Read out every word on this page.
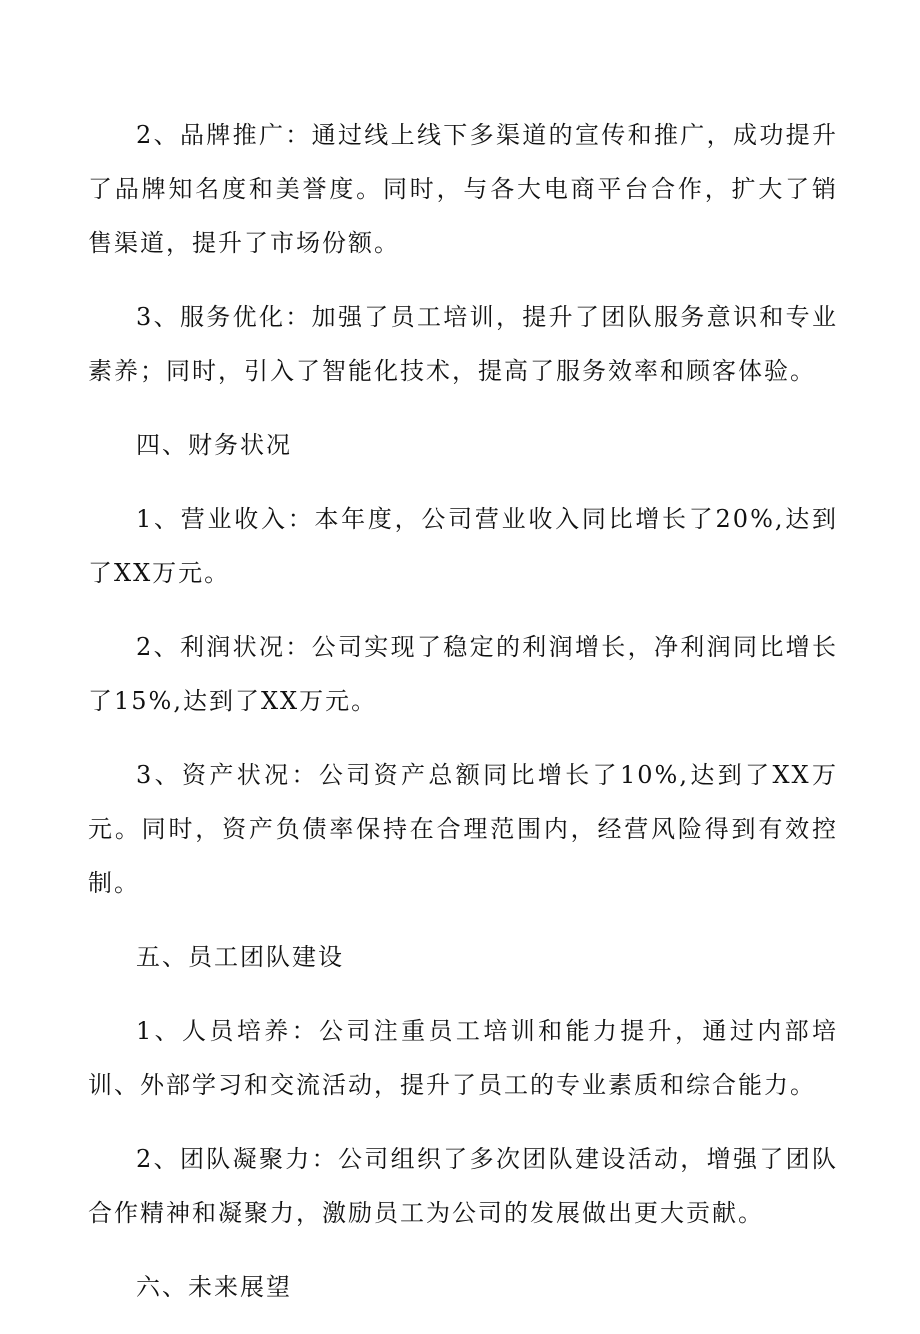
2、品牌推广：通过线上线下多渠道的宣传和推广，成功提升了品牌知名度和美誉度。同时，与各大电商平台合作，扩大了销售渠道，提升了市场份额。

3、服务优化：加强了员工培训，提升了团队服务意识和专业素养；同时，引入了智能化技术，提高了服务效率和顾客体验。

四、财务状况

1、营业收入：本年度，公司营业收入同比增长了20%,达到了XX万元。

2、利润状况：公司实现了稳定的利润增长，净利润同比增长了15%,达到了XX万元。

3、资产状况：公司资产总额同比增长了10%,达到了XX万元。同时，资产负债率保持在合理范围内，经营风险得到有效控制。

五、员工团队建设

1、人员培养：公司注重员工培训和能力提升，通过内部培训、外部学习和交流活动，提升了员工的专业素质和综合能力。

2、团队凝聚力：公司组织了多次团队建设活动，增强了团队合作精神和凝聚力，激励员工为公司的发展做出更大贡献。

六、未来展望
